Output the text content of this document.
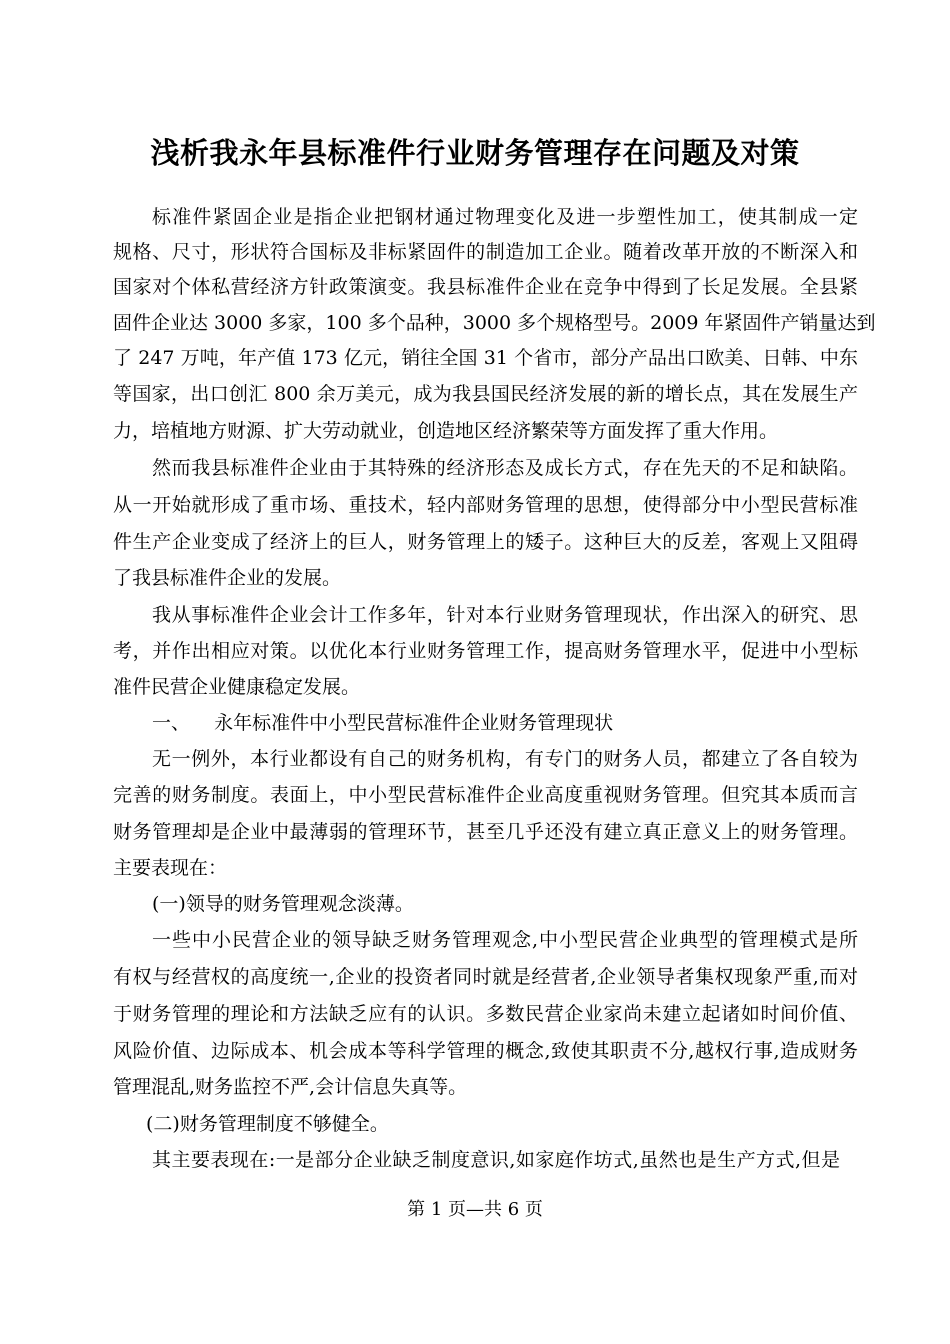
浅析我永年县标准件行业财务管理存在问题及对策
标准件紧固企业是指企业把钢材通过物理变化及进一步塑性加工，使其制成一定
规格、尺寸，形状符合国标及非标紧固件的制造加工企业。随着改革开放的不断深入和
国家对个体私营经济方针政策演变。我县标准件企业在竞争中得到了长足发展。全县紧
固件企业达 3000 多家，100 多个品种，3000 多个规格型号。2009 年紧固件产销量达到
了 247 万吨，年产值 173 亿元，销往全国 31 个省市，部分产品出口欧美、日韩、中东
等国家，出口创汇 800 余万美元，成为我县国民经济发展的新的增长点，其在发展生产
力，培植地方财源、扩大劳动就业，创造地区经济繁荣等方面发挥了重大作用。
然而我县标准件企业由于其特殊的经济形态及成长方式，存在先天的不足和缺陷。
从一开始就形成了重市场、重技术，轻内部财务管理的思想，使得部分中小型民营标准
件生产企业变成了经济上的巨人，财务管理上的矮子。这种巨大的反差，客观上又阻碍
了我县标准件企业的发展。
我从事标准件企业会计工作多年，针对本行业财务管理现状，作出深入的研究、思
考，并作出相应对策。以优化本行业财务管理工作，提高财务管理水平，促进中小型标
准件民营企业健康稳定发展。
一、    永年标准件中小型民营标准件企业财务管理现状
无一例外，本行业都设有自己的财务机构，有专门的财务人员，都建立了各自较为
完善的财务制度。表面上，中小型民营标准件企业高度重视财务管理。但究其本质而言
财务管理却是企业中最薄弱的管理环节，甚至几乎还没有建立真正意义上的财务管理。
主要表现在：
(一)领导的财务管理观念淡薄。
一些中小民营企业的领导缺乏财务管理观念,中小型民营企业典型的管理模式是所
有权与经营权的高度统一,企业的投资者同时就是经营者,企业领导者集权现象严重,而对
于财务管理的理论和方法缺乏应有的认识。多数民营企业家尚未建立起诸如时间价值、
风险价值、边际成本、机会成本等科学管理的概念,致使其职责不分,越权行事,造成财务
管理混乱,财务监控不严,会计信息失真等。
(二)财务管理制度不够健全。
其主要表现在:一是部分企业缺乏制度意识,如家庭作坊式,虽然也是生产方式,但是
第 1 页—共 6 页
